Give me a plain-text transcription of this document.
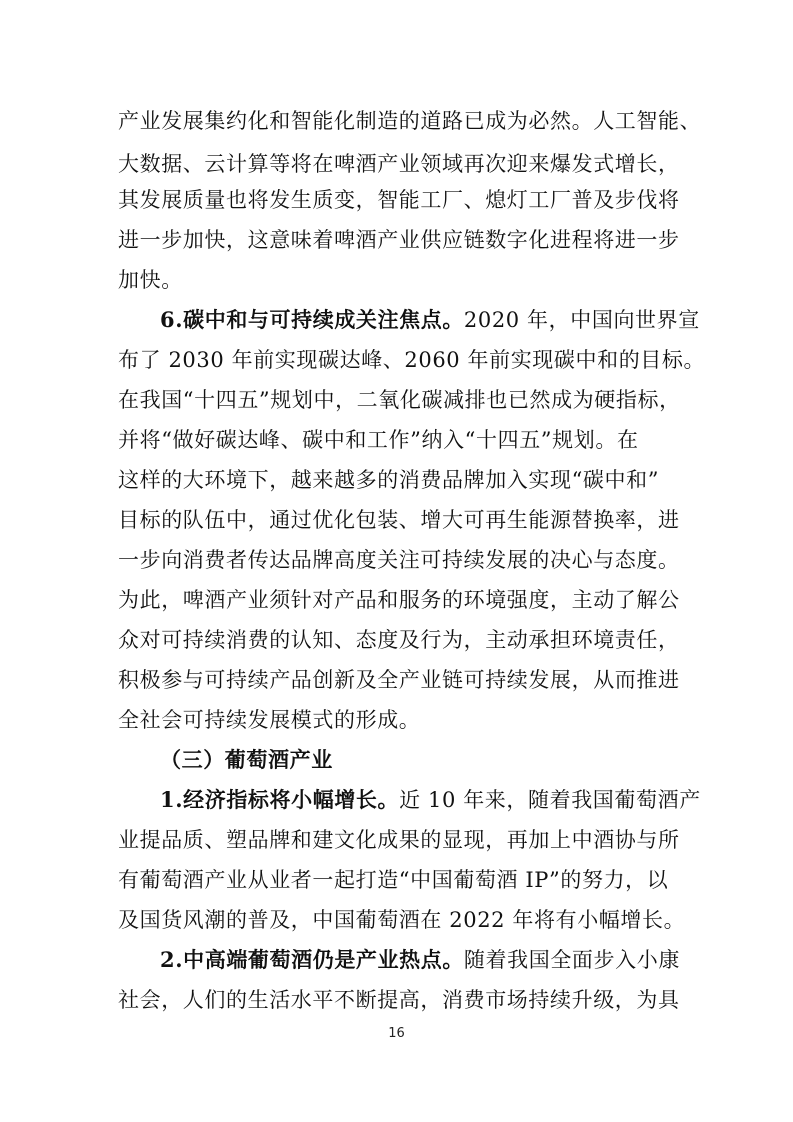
产业发展集约化和智能化制造的道路已成为必然。人工智能、
大数据、云计算等将在啤酒产业领域再次迎来爆发式增长，
其发展质量也将发生质变，智能工厂、熄灯工厂普及步伐将
进一步加快，这意味着啤酒产业供应链数字化进程将进一步
加快。
6.碳中和与可持续成关注焦点。2020 年，中国向世界宣
布了 2030 年前实现碳达峰、2060 年前实现碳中和的目标。
在我国“十四五”规划中，二氧化碳减排也已然成为硬指标，
并将“做好碳达峰、碳中和工作”纳入“十四五”规划。在
这样的大环境下，越来越多的消费品牌加入实现“碳中和”
目标的队伍中，通过优化包装、增大可再生能源替换率，进
一步向消费者传达品牌高度关注可持续发展的决心与态度。
为此，啤酒产业须针对产品和服务的环境强度，主动了解公
众对可持续消费的认知、态度及行为，主动承担环境责任，
积极参与可持续产品创新及全产业链可持续发展，从而推进
全社会可持续发展模式的形成。
（三）葡萄酒产业
1.经济指标将小幅增长。近 10 年来，随着我国葡萄酒产
业提品质、塑品牌和建文化成果的显现，再加上中酒协与所
有葡萄酒产业从业者一起打造“中国葡萄酒 IP”的努力，以
及国货风潮的普及，中国葡萄酒在 2022 年将有小幅增长。
2.中高端葡萄酒仍是产业热点。随着我国全面步入小康
社会，人们的生活水平不断提高，消费市场持续升级，为具
16
